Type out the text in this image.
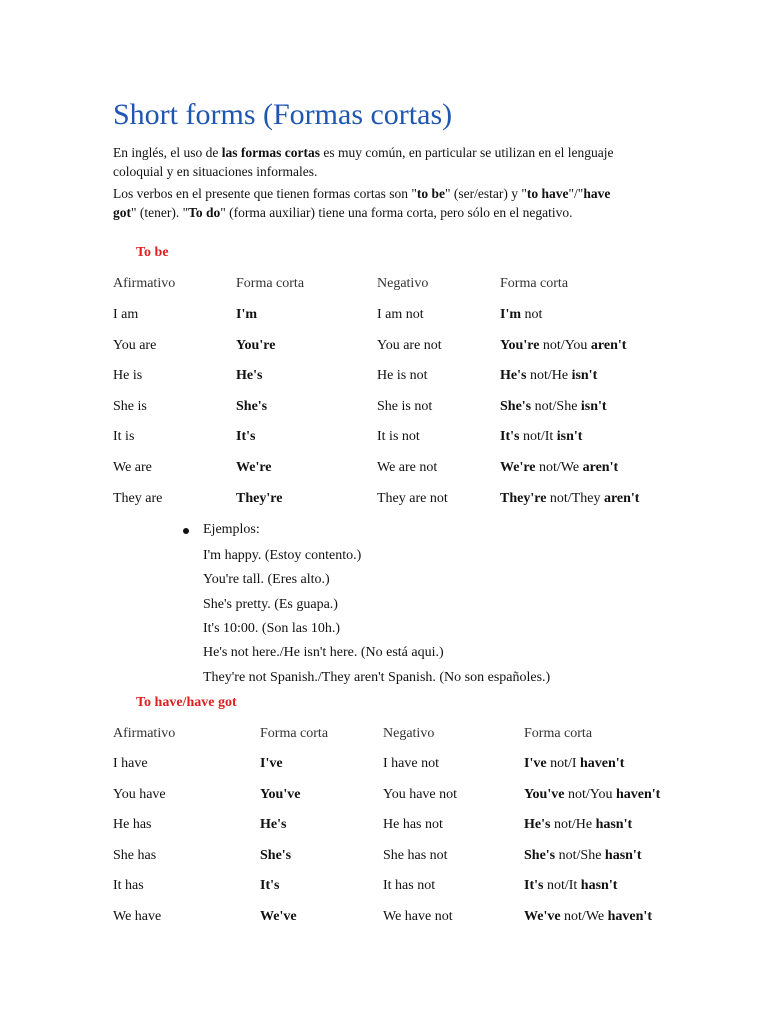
Short forms (Formas cortas)
En inglés, el uso de las formas cortas es muy común, en particular se utilizan en el lenguaje coloquial y en situaciones informales.
Los verbos en el presente que tienen formas cortas son "to be" (ser/estar) y "to have"/"have got" (tener). "To do" (forma auxiliar) tiene una forma corta, pero sólo en el negativo.
To be
Afirmativo	Forma corta	Negativo	Forma corta
I am	I'm	I am not	I'm not
You are	You're	You are not	You're not/You aren't
He is	He's	He is not	He's not/He isn't
She is	She's	She is not	She's not/She isn't
It is	It's	It is not	It's not/It isn't
We are	We're	We are not	We're not/We aren't
They are	They're	They are not	They're not/They aren't
Ejemplos:
I'm happy. (Estoy contento.)
You're tall. (Eres alto.)
She's pretty. (Es guapa.)
It's 10:00. (Son las 10h.)
He's not here./He isn't here. (No está aqui.)
They're not Spanish./They aren't Spanish. (No son españoles.)
To have/have got
Afirmativo	Forma corta	Negativo	Forma corta
I have	I've	I have not	I've not/I haven't
You have	You've	You have not	You've not/You haven't
He has	He's	He has not	He's not/He hasn't
She has	She's	She has not	She's not/She hasn't
It has	It's	It has not	It's not/It hasn't
We have	We've	We have not	We've not/We haven't
